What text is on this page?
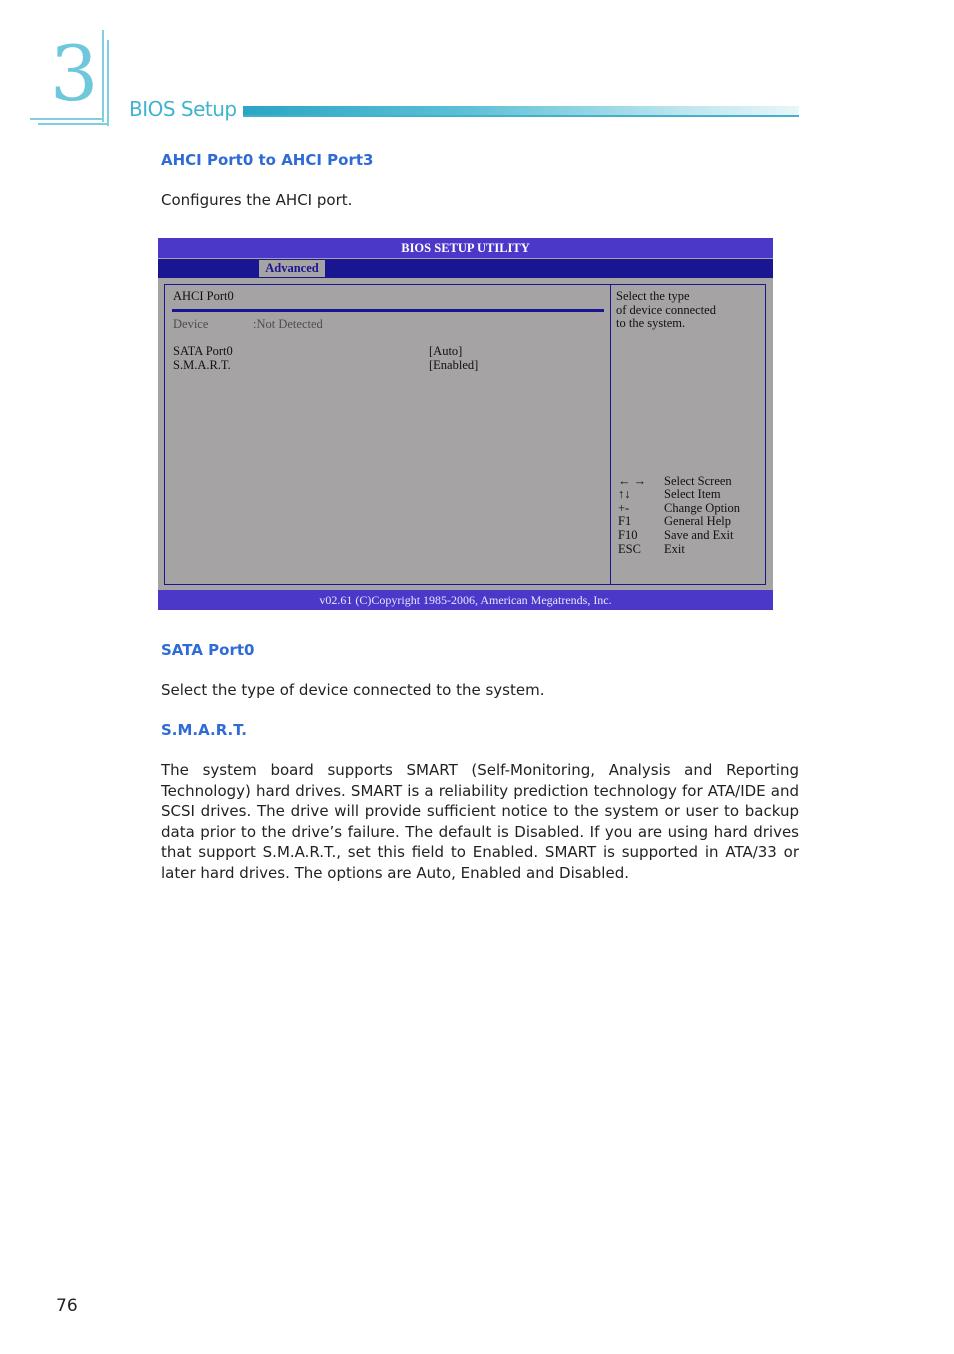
3 BIOS Setup
AHCI Port0 to AHCI Port3
Configures the AHCI port.
BIOS SETUP UTILITY
Advanced
AHCI Port0
Device	:Not Detected
SATA Port0	[Auto]
S.M.A.R.T.	[Enabled]
Select the type
of device connected
to the system.
← →	Select Screen
↑↓	Select Item
+-	Change Option
F1	General Help
F10	Save and Exit
ESC	Exit
v02.61 (C)Copyright 1985-2006, American Megatrends, Inc.
SATA Port0
Select the type of device connected to the system.
S.M.A.R.T.
The system board supports SMART (Self-Monitoring, Analysis and Reporting Technology) hard drives. SMART is a reliability prediction technology for ATA/IDE and SCSI drives. The drive will provide sufficient notice to the system or user to backup data prior to the drive’s failure. The default is Disabled. If you are using hard drives that support S.M.A.R.T., set this field to Enabled. SMART is supported in ATA/33 or later hard drives. The options are Auto, Enabled and Disabled.
76
